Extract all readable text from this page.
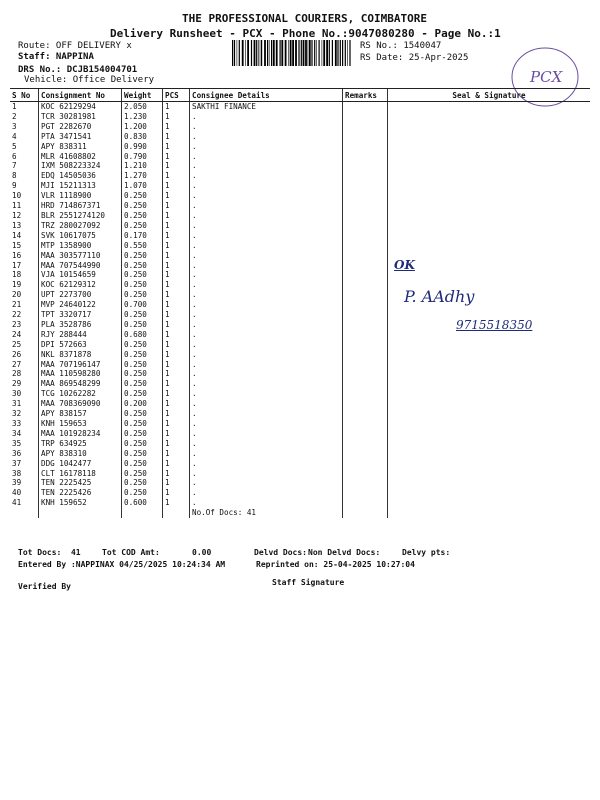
THE PROFESSIONAL COURIERS, COIMBATORE
Delivery Runsheet - PCX - Phone No.:9047080280 - Page No.:1
Route: OFF DELIVERY x
Staff: NAPPINA
DRS No.: DCJB154004701
Vehicle: Office Delivery
RS No.: 1540047
RS Date: 25-Apr-2025
PCX
S No	Consignment No	Weight	PCS	Consignee Details	Remarks	Seal & Signature
1	KOC 62129294	2.050	1	SAKTHI FINANCE		
2	TCR 30281981	1.230	1	.		
3	PGT 2282670	1.200	1	.		
4	PTA 3471541	0.830	1	.		
5	APY 838311	0.990	1	.		
6	MLR 41608802	0.790	1	.		
7	IXM 508223324	1.210	1	.		
8	EDQ 14505036	1.270	1	.		
9	MJI 15211313	1.070	1	.		
10	VLR 1118900	0.250	1	.		
11	HRD 714867371	0.250	1	.		
12	BLR 2551274120	0.250	1	.		
13	TRZ 280027092	0.250	1	.		
14	SVK 10617075	0.170	1	.		
15	MTP 1358900	0.550	1	.		
16	MAA 303577110	0.250	1	.		
17	MAA 707544990	0.250	1	.		
18	VJA 10154659	0.250	1	.		
19	KOC 62129312	0.250	1	.		
20	UPT 2273700	0.250	1	.		
21	MVP 24640122	0.700	1	.		
22	TPT 3320717	0.250	1	.		
23	PLA 3528786	0.250	1	.		
24	RJY 288444	0.680	1	.		
25	DPI 572663	0.250	1	.		
26	NKL 8371878	0.250	1	.		
27	MAA 707196147	0.250	1	.		
28	MAA 110598280	0.250	1	.		
29	MAA 869548299	0.250	1	.		
30	TCG 10262282	0.250	1	.		
31	MAA 708369090	0.200	1	.		
32	APY 838157	0.250	1	.		
33	KNH 159653	0.250	1	.		
34	MAA 101928234	0.250	1	.		
35	TRP 634925	0.250	1	.		
36	APY 838310	0.250	1	.		
37	DDG 1042477	0.250	1	.		
38	CLT 16178118	0.250	1	.		
39	TEN 2225425	0.250	1	.		
40	TEN 2225426	0.250	1	.		
41	KNH 159652	0.600	1	.		
				No.Of Docs: 41		
OK
P. AAdhy
9715518350
Tot Docs:  41	Tot COD Amt:	0.00	Delvd Docs: Non Delvd Docs:	Delvy pts:
Entered By :NAPPINAX 04/25/2025 10:24:34 AM	Reprinted on: 25-04-2025 10:27:04
Verified By	Staff Signature
